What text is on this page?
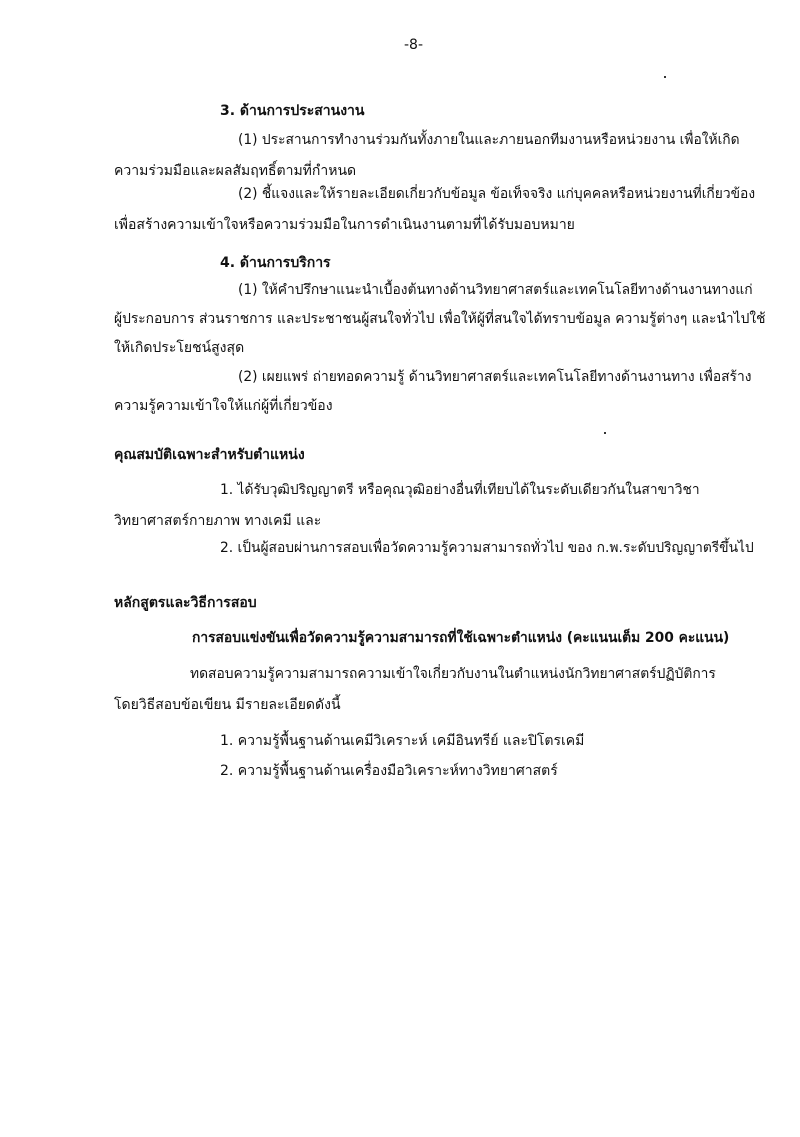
-8-
3. ด้านการประสานงาน
(1) ประสานการทำงานร่วมกันทั้งภายในและภายนอกทีมงานหรือหน่วยงาน เพื่อให้เกิด
ความร่วมมือและผลสัมฤทธิ์ตามที่กำหนด
(2) ชี้แจงและให้รายละเอียดเกี่ยวกับข้อมูล ข้อเท็จจริง แก่บุคคลหรือหน่วยงานที่เกี่ยวข้อง
เพื่อสร้างความเข้าใจหรือความร่วมมือในการดำเนินงานตามที่ได้รับมอบหมาย
4. ด้านการบริการ
(1) ให้คำปรึกษาแนะนำเบื้องต้นทางด้านวิทยาศาสตร์และเทคโนโลยีทางด้านงานทางแก่
ผู้ประกอบการ ส่วนราชการ และประชาชนผู้สนใจทั่วไป เพื่อให้ผู้ที่สนใจได้ทราบข้อมูล ความรู้ต่างๆ และนำไปใช้
ให้เกิดประโยชน์สูงสุด
(2) เผยแพร่ ถ่ายทอดความรู้ ด้านวิทยาศาสตร์และเทคโนโลยีทางด้านงานทาง เพื่อสร้าง
ความรู้ความเข้าใจให้แก่ผู้ที่เกี่ยวข้อง
คุณสมบัติเฉพาะสำหรับตำแหน่ง
1. ได้รับวุฒิปริญญาตรี หรือคุณวุฒิอย่างอื่นที่เทียบได้ในระดับเดียวกันในสาขาวิชา
วิทยาศาสตร์กายภาพ ทางเคมี และ
2. เป็นผู้สอบผ่านการสอบเพื่อวัดความรู้ความสามารถทั่วไป ของ ก.พ.ระดับปริญญาตรีขึ้นไป
หลักสูตรและวิธีการสอบ
การสอบแข่งขันเพื่อวัดความรู้ความสามารถที่ใช้เฉพาะตำแหน่ง (คะแนนเต็ม 200 คะแนน)
ทดสอบความรู้ความสามารถความเข้าใจเกี่ยวกับงานในตำแหน่งนักวิทยาศาสตร์ปฏิบัติการ
โดยวิธีสอบข้อเขียน มีรายละเอียดดังนี้
1. ความรู้พื้นฐานด้านเคมีวิเคราะห์ เคมีอินทรีย์ และปิโตรเคมี
2. ความรู้พื้นฐานด้านเครื่องมือวิเคราะห์ทางวิทยาศาสตร์
